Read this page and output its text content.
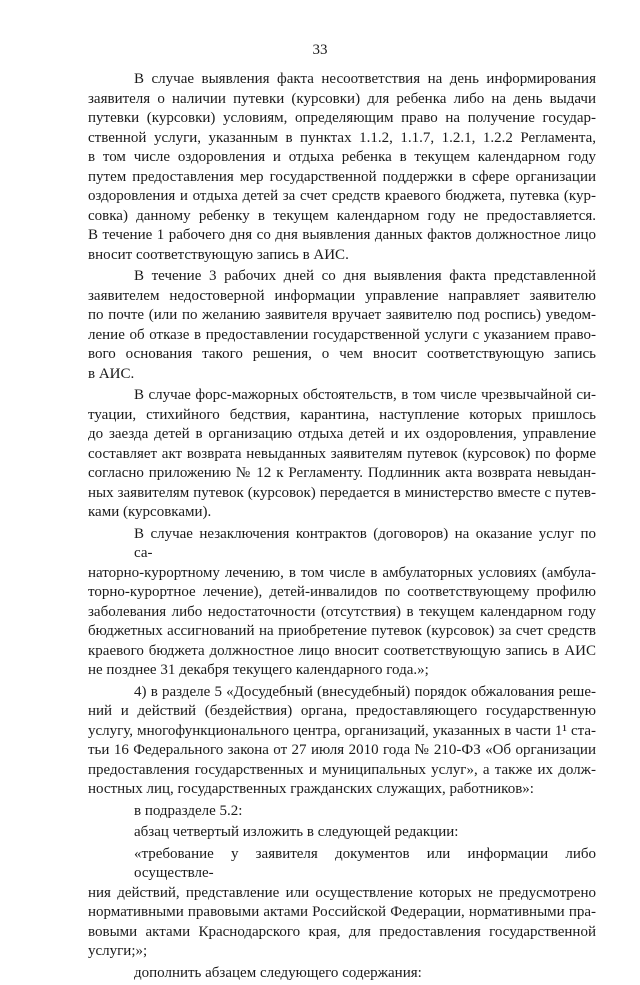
33
В случае выявления факта несоответствия на день информирования
заявителя о наличии путевки (курсовки) для ребенка либо на день выдачи
путевки (курсовки) условиям, определяющим право на получение государ-
ственной услуги, указанным в пунктах 1.1.2, 1.1.7, 1.2.1, 1.2.2 Регламента,
в том числе оздоровления и отдыха ребенка в текущем календарном году
путем предоставления мер государственной поддержки в сфере организации
оздоровления и отдыха детей за счет средств краевого бюджета, путевка (кур-
совка) данному ребенку в текущем календарном году не предоставляется.
В течение 1 рабочего дня со дня выявления данных фактов должностное лицо
вносит соответствующую запись в АИС.
В течение 3 рабочих дней со дня выявления факта представленной
заявителем недостоверной информации управление направляет заявителю
по почте (или по желанию заявителя вручает заявителю под роспись) уведом-
ление об отказе в предоставлении государственной услуги с указанием право-
вого основания такого решения, о чем вносит соответствующую запись
в АИС.
В случае форс-мажорных обстоятельств, в том числе чрезвычайной си-
туации, стихийного бедствия, карантина, наступление которых пришлось
до заезда детей в организацию отдыха детей и их оздоровления, управление
составляет акт возврата невыданных заявителям путевок (курсовок) по форме
согласно приложению № 12 к Регламенту. Подлинник акта возврата невыдан-
ных заявителям путевок (курсовок) передается в министерство вместе с путев-
ками (курсовками).
В случае незаключения контрактов (договоров) на оказание услуг по са-
наторно-курортному лечению, в том числе в амбулаторных условиях (амбула-
торно-курортное лечение), детей-инвалидов по соответствующему профилю
заболевания либо недостаточности (отсутствия) в текущем календарном году
бюджетных ассигнований на приобретение путевок (курсовок) за счет средств
краевого бюджета должностное лицо вносит соответствующую запись в АИС
не позднее 31 декабря текущего календарного года.»;
4) в разделе 5 «Досудебный (внесудебный) порядок обжалования реше-
ний и действий (бездействия) органа, предоставляющего государственную
услугу, многофункционального центра, организаций, указанных в части 1¹ ста-
тьи 16 Федерального закона от 27 июля 2010 года № 210-ФЗ «Об организации
предоставления государственных и муниципальных услуг», а также их долж-
ностных лиц, государственных гражданских служащих, работников»:
в подразделе 5.2:
абзац четвертый изложить в следующей редакции:
«требование у заявителя документов или информации либо осуществле-
ния действий, представление или осуществление которых не предусмотрено
нормативными правовыми актами Российской Федерации, нормативными пра-
вовыми актами Краснодарского края, для предоставления государственной
услуги;»;
дополнить абзацем следующего содержания:
